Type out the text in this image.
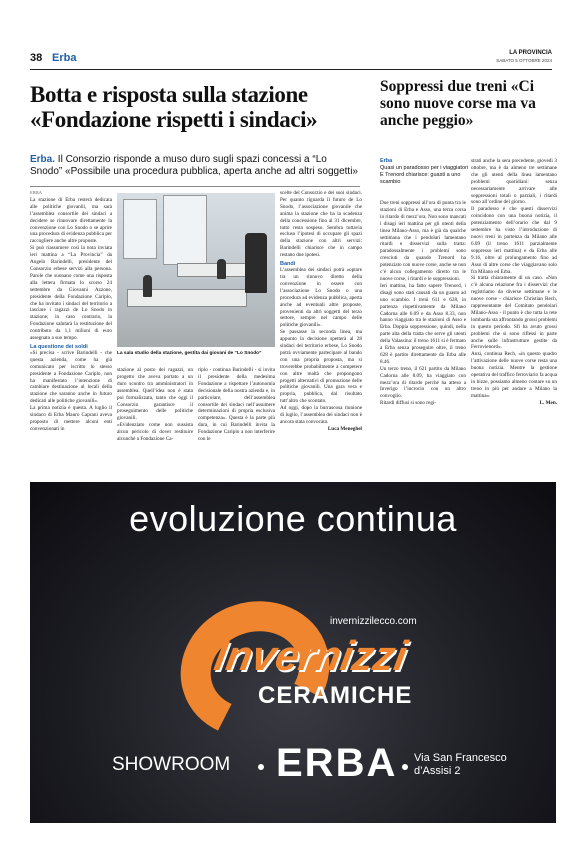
38 Erba	LA PROVINCIA
SABATO 5 OTTOBRE 2024
Botta e risposta sulla stazione «Fondazione rispetti i sindaci»

Erba. Il Consorzio risponde a muso duro sugli spazi concessi a “Lo Snodo” «Possibile una procedura pubblica, aperta anche ad altri soggetti»

Soppressi due treni «Ci sono nuove corse ma va anche peggio»
Erba
Quasi un paradosso per i viaggiatori E Trenord chiarisce: guasti a uno scambio

ERBA

La stazione di Erba resterà dedicata alle politiche giovanili, ma sarà l’assemblea consortile dei sindaci a decidere se rinnovare direttamente la convenzione con Lo Snodo o se aprire una procedura di evidenza pubblica per raccogliere anche altre proposte.

Si può riassumere così la nota inviata ieri mattina a “La Provincia” da Angelo Barindelli, presidente del Consorzio erbese servizi alla persona. Parole che suonano come una risposta alla lettera firmata lo scorso 24 settembre da Giovanni Azzone, presidente della Fondazione Cariplo, che ha invitato i sindaci del territorio a lasciare i ragazzi de Lo Snodo in stazione; in caso contrario, la Fondazione salutarà la restituzione del contributo da 1,1 milioni di euro assegnato a suo tempo.

La questione dei soldi

«Si precisa - scrive Barindelli - che questa azienda, come ha già comunicato per iscritto lo stesso presidente a Fondazione Cariplo, non ha manifestato l’intenzione di cambiare destinazione al locali della stazione che saranno anche in futuro dedicati alle politiche giovanili».

La prima notizia è questa. A luglio il sindaco di Erba Mauro Caprani aveva proposto di mettere alcuni enti convenzionati in

La sala studio della stazione, gestita dai giovani de “Lo Snodo”

stazione al posto dei ragazzi, un progetto che aveva portato a un duro scontro tra amministratori in assemblea. Quell’idea non è stata poi formalizzata, tanto che oggi il Consorzio garantisce il proseguimento delle politiche giovanili.

«Evidenziato come non sussista alcun pericolo di dover restituire alcunché a Fondazione Ca-

riplo - continua Barindelli - si invita il presidente della medesima Fondazione a rispettare l’autonomia decisionale della nostra azienda e, in particolare, dell’assemblea consortile dei sindaci nell’assumere determinazioni di propria esclusiva competenza». Questa è la parte più dura, in cui Barindelli invita la Fondazione Cariplo a non interferire con le

scelte del Consorzio e dei suoi sindaci. Per quanto riguarda il futuro de Lo Snodo, l’associazione giovanile che anima la stazione che ha la scadenza della concessione fino al 31 dicembre, tutto resta sospeso. Sembra tuttavia escluso l’ipotesi di occupare gli spazi della stazione con altri servizi: Barindelli chiarisce che in campo restano due ipotesi.

Bandi

L’assemblea dei sindaci potrà «optare tra un rinnovo diretto della convenzione in essere con l’associazione Lo Snodo o una procedura ad evidenza pubblica, aperta anche ad eventuali altre proposte, provenienti da altri soggetti del terzo settore, sempre nel campo delle politiche giovanili».

Se passasse la seconda linea, ma appunto la decisione spetterà al 28 sindaci del territorio erbese, Lo Snodo potrà ovviamente partecipare al bando con una propria proposta, ma si troverebbe probabilmente a competere con altre realtà che propongono progetti alternativi di promozione delle politiche giovanili. Una gara vera e propria, pubblica, dal risultato tutt’altro che scontato.

Ad oggi, dopo la burrascosa riunione di luglio, l’assemblea dei sindaci non è ancora stata convocata.

Luca Meneghel

Due treni soppressi all’ora di punta tra le stazioni di Erba e Asso, una terza corsa in ritardo di mezz’ora. Non sono mancati i disagi ieri mattina per gli utenti della linea Milano-Asso, ma è già da qualche settimana che i pendolari lamentano ritardi e disservizi sulla tratta: paradossalmente i problemi sono cresciuti da quando Trenord ha potenziato con nuove corse, anche se non c’è alcun collegamento diretto tra le nuove corse, i ritardi e le soppressioni.

Ieri mattina, ha fatto sapere Trenord, i disagi sono stati causati da un guasto ad uno scambio. I treni 611 e 628, in partenza rispettivamente da Milano Cadorna alle 6.09 e da Asso 8.33, non hanno viaggiato tra le stazioni di Asso e Erba. Doppia soppressione, quindi, nella parte alta della tratta che serve gli utenti della Valassina: il treno 1611 si è fermato a Erba senza proseguire oltre, il treno 628 è partito direttamente da Erba alle 8.46.

Un terzo treno, il 621 partito da Milano Cadorna alle 8.09, ha viaggiato con mezz’ora di ritardo perché ha atteso a Inverigo l’incrocio con un altro convoglio.

Ritardi diffusi si sono regi-

strati anche la sera precedente, giovedì 3 ottobre, ma è da almeno tre settimane che gli utenti della linea lamentano problemi quotidiani: senza necessariamente arrivare alle soppressioni totali o parziali, i ritardi sono all’ordine del giorno.

Il paradosso è che questi disservizi coincidono con una buona notizia, il potenziamento dell’orario che dal 9 settembre ha visto l’introduzione di nuovi treni in partenza da Milano alle 6.09 (il treno 1611 parzialmente soppresso ieri mattina) e da Erba alle 9.16, oltre al prolungamento fino ad Asso di altre corse che viaggiavano solo fra Milano ed Erba.

Si tratta chiaramente di un caso. «Non c’è alcuna relazione fra i disservizi che registriamo da diverse settimane e le nuove corse - chiarisce Christian Rech, rappresentante del Comitato pendolari Milano-Asso - il punto è che tutta la rete lombarda sta affrontando grossi problemi in questo periodo. Sfi ha avuto grossi problemi che si sono riflessi in parte anche sulle infrastrutture gestite da Ferrovienord».

Anzi, continua Rech, «in questo quadro l’attivazione delle nuove corse resta una buona notizia. Mentre la gestione operativa del traffico ferroviario fa acqua in bizze, possiamo almeno contare su un treno in più per andare a Milano la mattina».

L. Men.

evoluzione continua
invernizzilecco.com
Invernizzi
CERAMICHE
SHOWROOM ERBA Via San Francesco
d’Assisi 2
